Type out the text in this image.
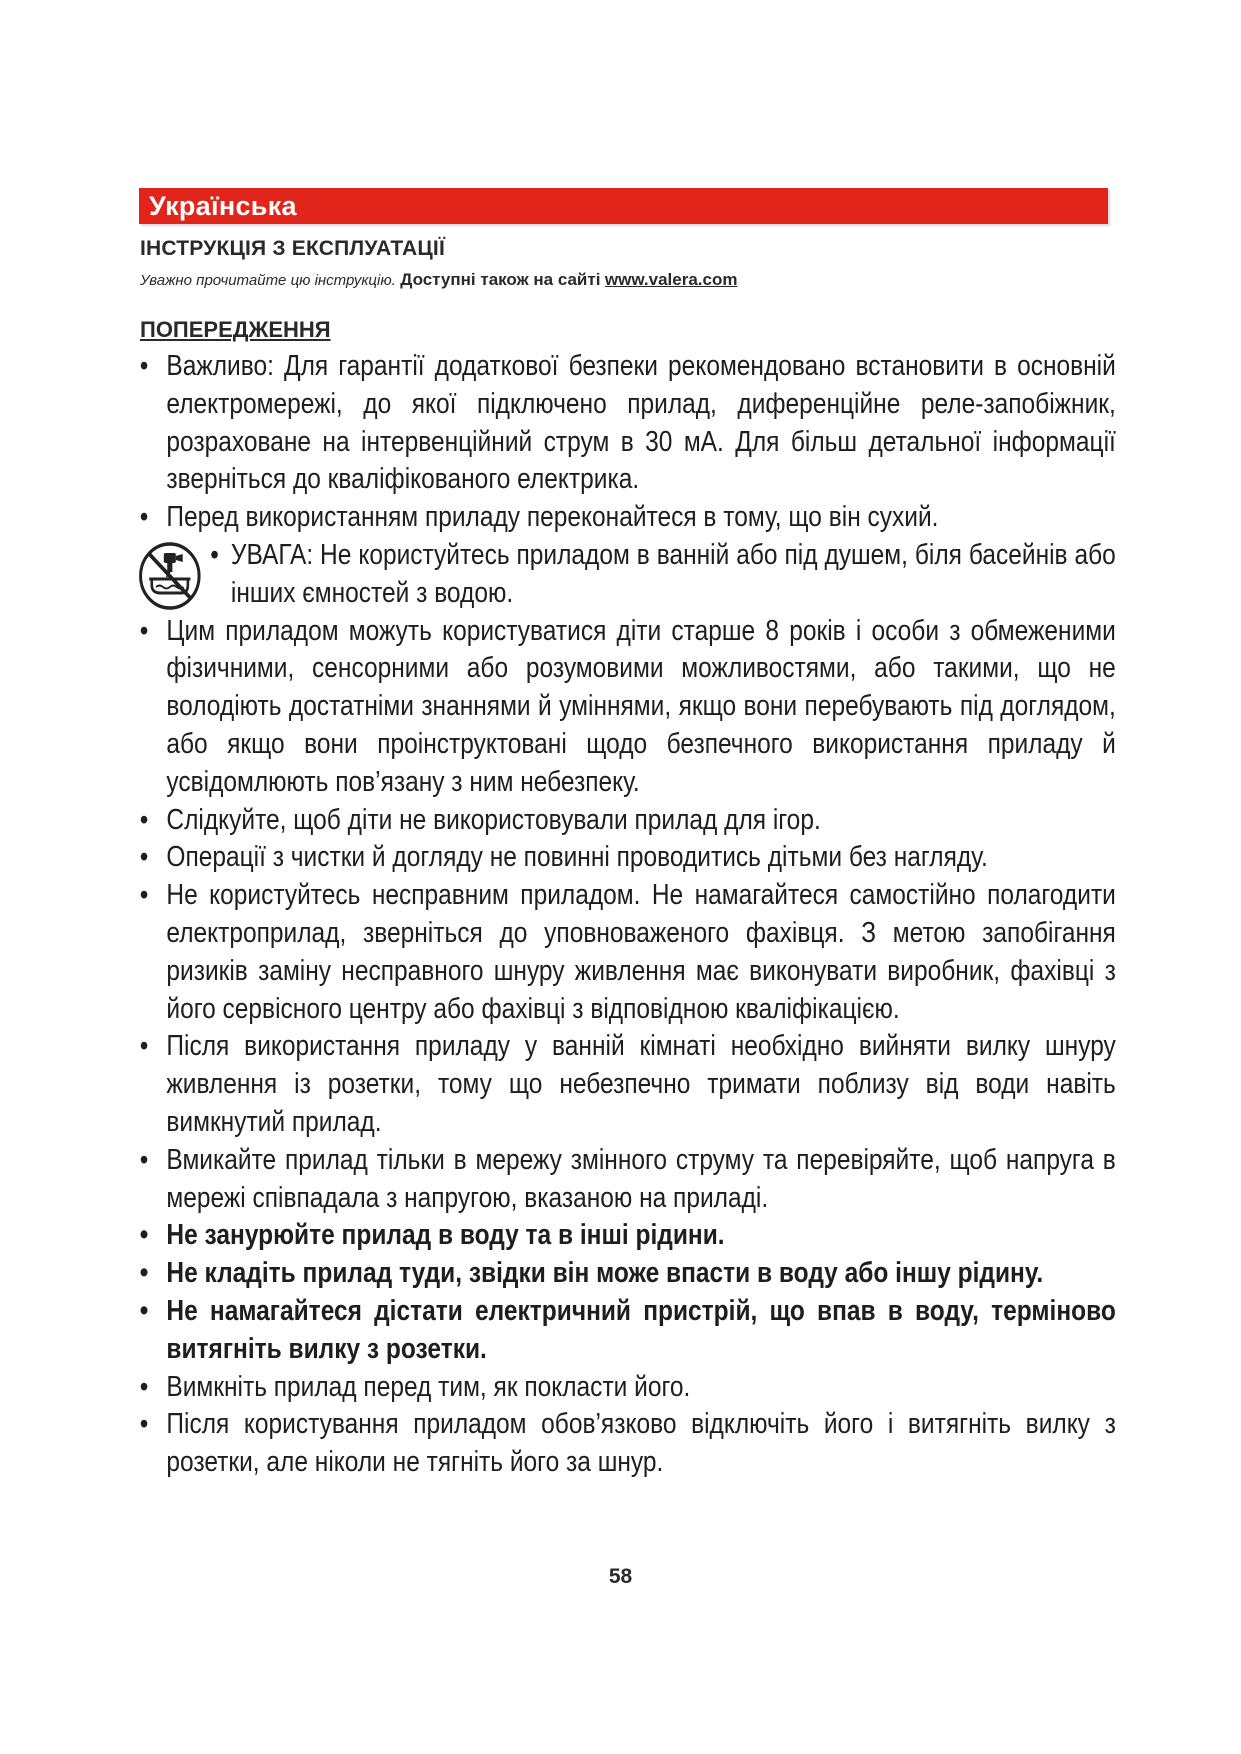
Українська
ІНСТРУКЦІЯ З ЕКСПЛУАТАЦІЇ
Уважно прочитайте цю інструкцію. Доступні також на сайті www.valera.com
ПОПЕРЕДЖЕННЯ
• Важливо: Для гарантії додаткової безпеки рекомендовано встановити в основній електромережі, до якої підключено прилад, диференційне реле-запобіжник, розраховане на інтервенційний струм в 30 мА. Для більш детальної інформації зверніться до кваліфікованого електрика.
• Перед використанням приладу переконайтеся в тому, що він сухий.
• УВАГА: Не користуйтесь приладом в ванній або під душем, біля басейнів або інших ємностей з водою.
• Цим приладом можуть користуватися діти старше 8 років і особи з обмеженими фізичними, сенсорними або розумовими можливостями, або такими, що не володіють достатніми знаннями й уміннями, якщо вони перебувають під доглядом, або якщо вони проінструктовані щодо безпечного використання приладу й усвідомлюють пов’язану з ним небезпеку.
• Слідкуйте, щоб діти не використовували прилад для ігор.
• Операції з чистки й догляду не повинні проводитись дітьми без нагляду.
• Не користуйтесь несправним приладом. Не намагайтеся самостійно полагодити електроприлад, зверніться до уповноваженого фахівця. З метою запобігання ризиків заміну несправного шнуру живлення має виконувати виробник, фахівці з його сервісного центру або фахівці з відповідною кваліфікацією.
• Після використання приладу у ванній кімнаті необхідно вийняти вилку шнуру живлення із розетки, тому що небезпечно тримати поблизу від води навіть вимкнутий прилад.
• Вмикайте прилад тільки в мережу змінного струму та перевіряйте, щоб напруга в мережі співпадала з напругою, вказаною на приладі.
• Не занурюйте прилад в воду та в інші рідини.
• Не кладіть прилад туди, звідки він може впасти в воду або іншу рідину.
• Не намагайтеся дістати електричний пристрій, що впав в воду, терміново витягніть вилку з розетки.
• Вимкніть прилад перед тим, як покласти його.
• Після користування приладом обов’язково відключіть його і витягніть вилку з розетки, але ніколи не тягніть його за шнур.
58
